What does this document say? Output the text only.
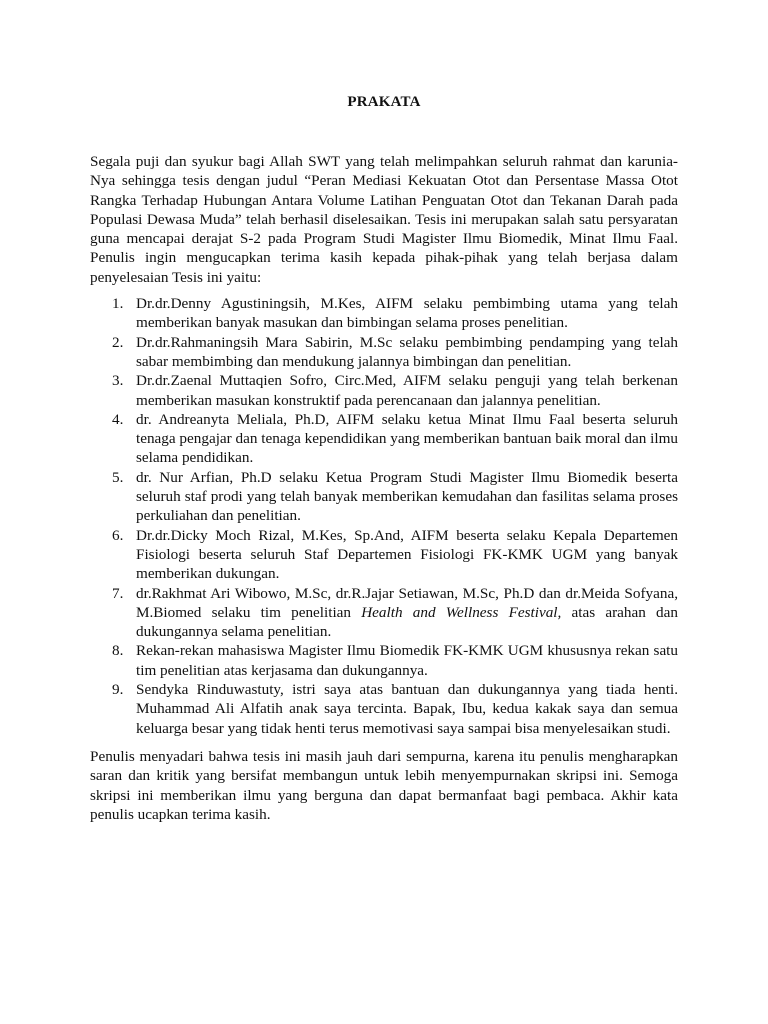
PRAKATA

Segala puji dan syukur bagi Allah SWT yang telah melimpahkan seluruh rahmat dan karunia-Nya sehingga tesis dengan judul “Peran Mediasi Kekuatan Otot dan Persentase Massa Otot Rangka Terhadap Hubungan Antara Volume Latihan Penguatan Otot dan Tekanan Darah pada Populasi Dewasa Muda” telah berhasil diselesaikan. Tesis ini merupakan salah satu persyaratan guna mencapai derajat S-2 pada Program Studi Magister Ilmu Biomedik, Minat Ilmu Faal. Penulis ingin mengucapkan terima kasih kepada pihak-pihak yang telah berjasa dalam penyelesaian Tesis ini yaitu:

1. Dr.dr.Denny Agustiningsih, M.Kes, AIFM selaku pembimbing utama yang telah memberikan banyak masukan dan bimbingan selama proses penelitian.
2. Dr.dr.Rahmaningsih Mara Sabirin, M.Sc selaku pembimbing pendamping yang telah sabar membimbing dan mendukung jalannya bimbingan dan penelitian.
3. Dr.dr.Zaenal Muttaqien Sofro, Circ.Med, AIFM selaku penguji yang telah berkenan memberikan masukan konstruktif pada perencanaan dan jalannya penelitian.
4. dr. Andreanyta Meliala, Ph.D, AIFM selaku ketua Minat Ilmu Faal beserta seluruh tenaga pengajar dan tenaga kependidikan yang memberikan bantuan baik moral dan ilmu selama pendidikan.
5. dr. Nur Arfian, Ph.D selaku Ketua Program Studi Magister Ilmu Biomedik beserta seluruh staf prodi yang telah banyak memberikan kemudahan dan fasilitas selama proses perkuliahan dan penelitian.
6. Dr.dr.Dicky Moch Rizal, M.Kes, Sp.And, AIFM beserta selaku Kepala Departemen Fisiologi beserta seluruh Staf Departemen Fisiologi FK-KMK UGM yang banyak memberikan dukungan.
7. dr.Rakhmat Ari Wibowo, M.Sc, dr.R.Jajar Setiawan, M.Sc, Ph.D dan dr.Meida Sofyana, M.Biomed selaku tim penelitian Health and Wellness Festival, atas arahan dan dukungannya selama penelitian.
8. Rekan-rekan mahasiswa Magister Ilmu Biomedik FK-KMK UGM khususnya rekan satu tim penelitian atas kerjasama dan dukungannya.
9. Sendyka Rinduwastuty, istri saya atas bantuan dan dukungannya yang tiada henti. Muhammad Ali Alfatih anak saya tercinta. Bapak, Ibu, kedua kakak saya dan semua keluarga besar yang tidak henti terus memotivasi saya sampai bisa menyelesaikan studi.

Penulis menyadari bahwa tesis ini masih jauh dari sempurna, karena itu penulis mengharapkan saran dan kritik yang bersifat membangun untuk lebih menyempurnakan skripsi ini. Semoga skripsi ini memberikan ilmu yang berguna dan dapat bermanfaat bagi pembaca. Akhir kata penulis ucapkan terima kasih.
